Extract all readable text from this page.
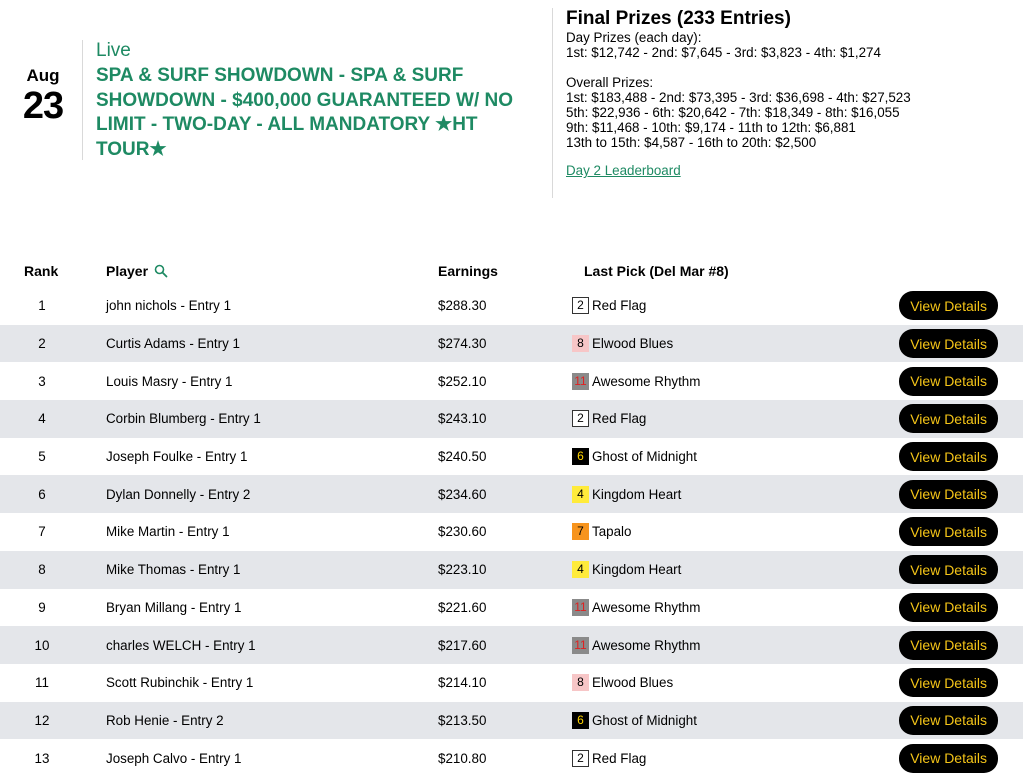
Aug
23
Live
SPA & SURF SHOWDOWN - SPA & SURF SHOWDOWN - $400,000 GUARANTEED W/ NO LIMIT - TWO-DAY - ALL MANDATORY ★HT TOUR★
Final Prizes (233 Entries)
Day Prizes (each day):
1st: $12,742 - 2nd: $7,645 - 3rd: $3,823 - 4th: $1,274
Overall Prizes:
1st: $183,488 - 2nd: $73,395 - 3rd: $36,698 - 4th: $27,523
5th: $22,936 - 6th: $20,642 - 7th: $18,349 - 8th: $16,055
9th: $11,468 - 10th: $9,174 - 11th to 12th: $6,881
13th to 15th: $4,587 - 16th to 20th: $2,500
Day 2 Leaderboard
Rank	Player	Earnings	Last Pick (Del Mar #8)
1	john nichols - Entry 1	$288.30	2 Red Flag	View Details
2	Curtis Adams - Entry 1	$274.30	8 Elwood Blues	View Details
3	Louis Masry - Entry 1	$252.10	11 Awesome Rhythm	View Details
4	Corbin Blumberg - Entry 1	$243.10	2 Red Flag	View Details
5	Joseph Foulke - Entry 1	$240.50	6 Ghost of Midnight	View Details
6	Dylan Donnelly - Entry 2	$234.60	4 Kingdom Heart	View Details
7	Mike Martin - Entry 1	$230.60	7 Tapalo	View Details
8	Mike Thomas - Entry 1	$223.10	4 Kingdom Heart	View Details
9	Bryan Millang - Entry 1	$221.60	11 Awesome Rhythm	View Details
10	charles WELCH - Entry 1	$217.60	11 Awesome Rhythm	View Details
11	Scott Rubinchik - Entry 1	$214.10	8 Elwood Blues	View Details
12	Rob Henie - Entry 2	$213.50	6 Ghost of Midnight	View Details
13	Joseph Calvo - Entry 1	$210.80	2 Red Flag	View Details
